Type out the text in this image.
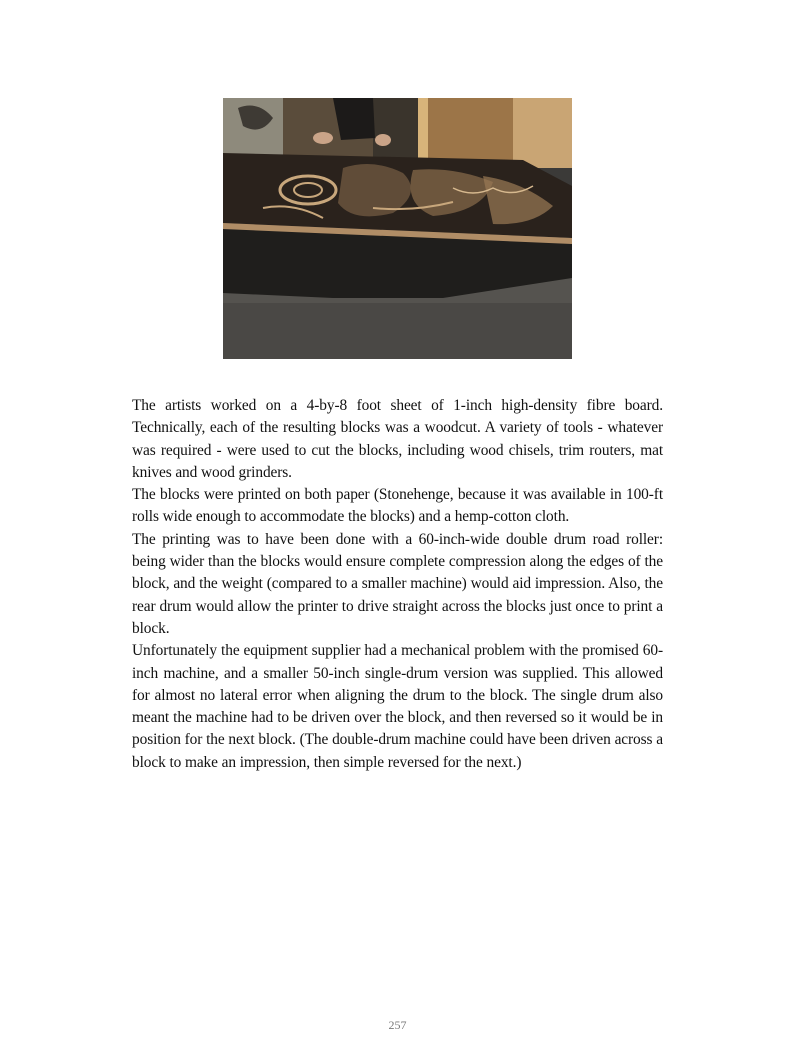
The artists worked on a 4-by-8 foot sheet of 1-inch high-density fibre board. Technically, each of the resulting blocks was a woodcut. A variety of tools - whatever was required - were used to cut the blocks, including wood chisels, trim routers, mat knives and wood grinders.

The blocks were printed on both paper (Stonehenge, because it was available in 100-ft rolls wide enough to accommodate the blocks) and a hemp-cotton cloth.

The printing was to have been done with a 60-inch-wide double drum road roller: being wider than the blocks would ensure complete compression along the edges of the block, and the weight (compared to a smaller machine) would aid impression. Also, the rear drum would allow the printer to drive straight across the blocks just once to print a block.

Unfortunately the equipment supplier had a mechanical problem with the promised 60-inch machine, and a smaller 50-inch single-drum version was supplied. This allowed for almost no lateral error when aligning the drum to the block. The single drum also meant the machine had to be driven over the block, and then reversed so it would be in position for the next block. (The double-drum machine could have been driven across a block to make an impression, then simple reversed for the next.)

257
